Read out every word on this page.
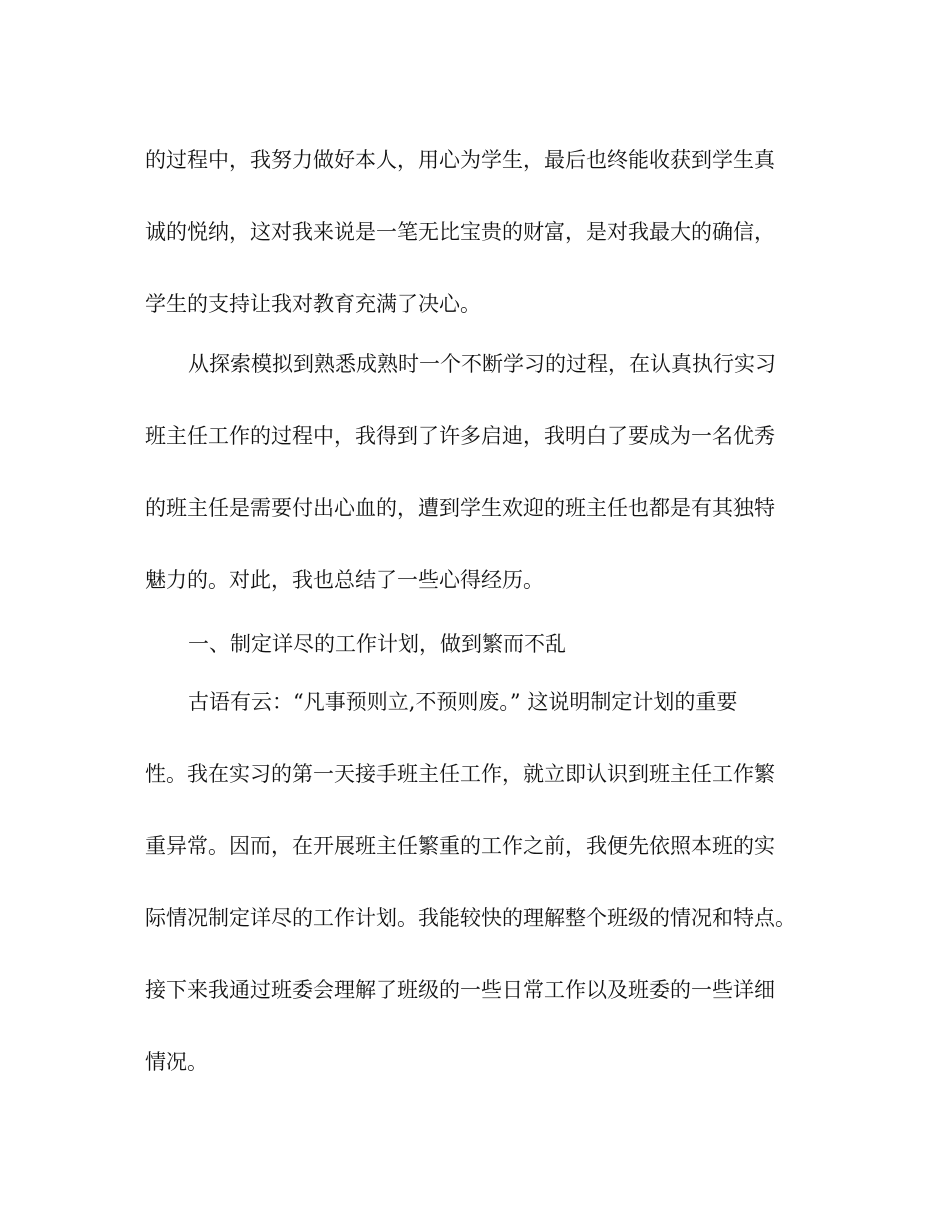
的过程中，我努力做好本人，用心为学生，最后也终能收获到学生真
诚的悦纳，这对我来说是一笔无比宝贵的财富，是对我最大的确信，
学生的支持让我对教育充满了决心。
从探索模拟到熟悉成熟时一个不断学习的过程，在认真执行实习
班主任工作的过程中，我得到了许多启迪，我明白了要成为一名优秀
的班主任是需要付出心血的，遭到学生欢迎的班主任也都是有其独特
魅力的。对此，我也总结了一些心得经历。
一、制定详尽的工作计划，做到繁而不乱
古语有云：“凡事预则立,不预则废。” 这说明制定计划的重要
性。我在实习的第一天接手班主任工作，就立即认识到班主任工作繁
重异常。因而，在开展班主任繁重的工作之前，我便先依照本班的实
际情况制定详尽的工作计划。我能较快的理解整个班级的情况和特点。
接下来我通过班委会理解了班级的一些日常工作以及班委的一些详细
情况。
